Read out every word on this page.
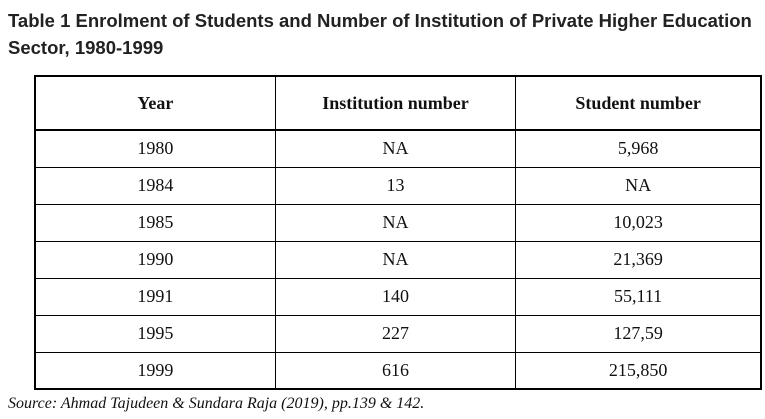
Table 1 Enrolment of Students and Number of Institution of Private Higher Education Sector, 1980-1999
Year	Institution number	Student number
1980	NA	5,968
1984	13	NA
1985	NA	10,023
1990	NA	21,369
1991	140	55,111
1995	227	127,59
1999	616	215,850

Source: Ahmad Tajudeen & Sundara Raja (2019), pp.139 & 142.
